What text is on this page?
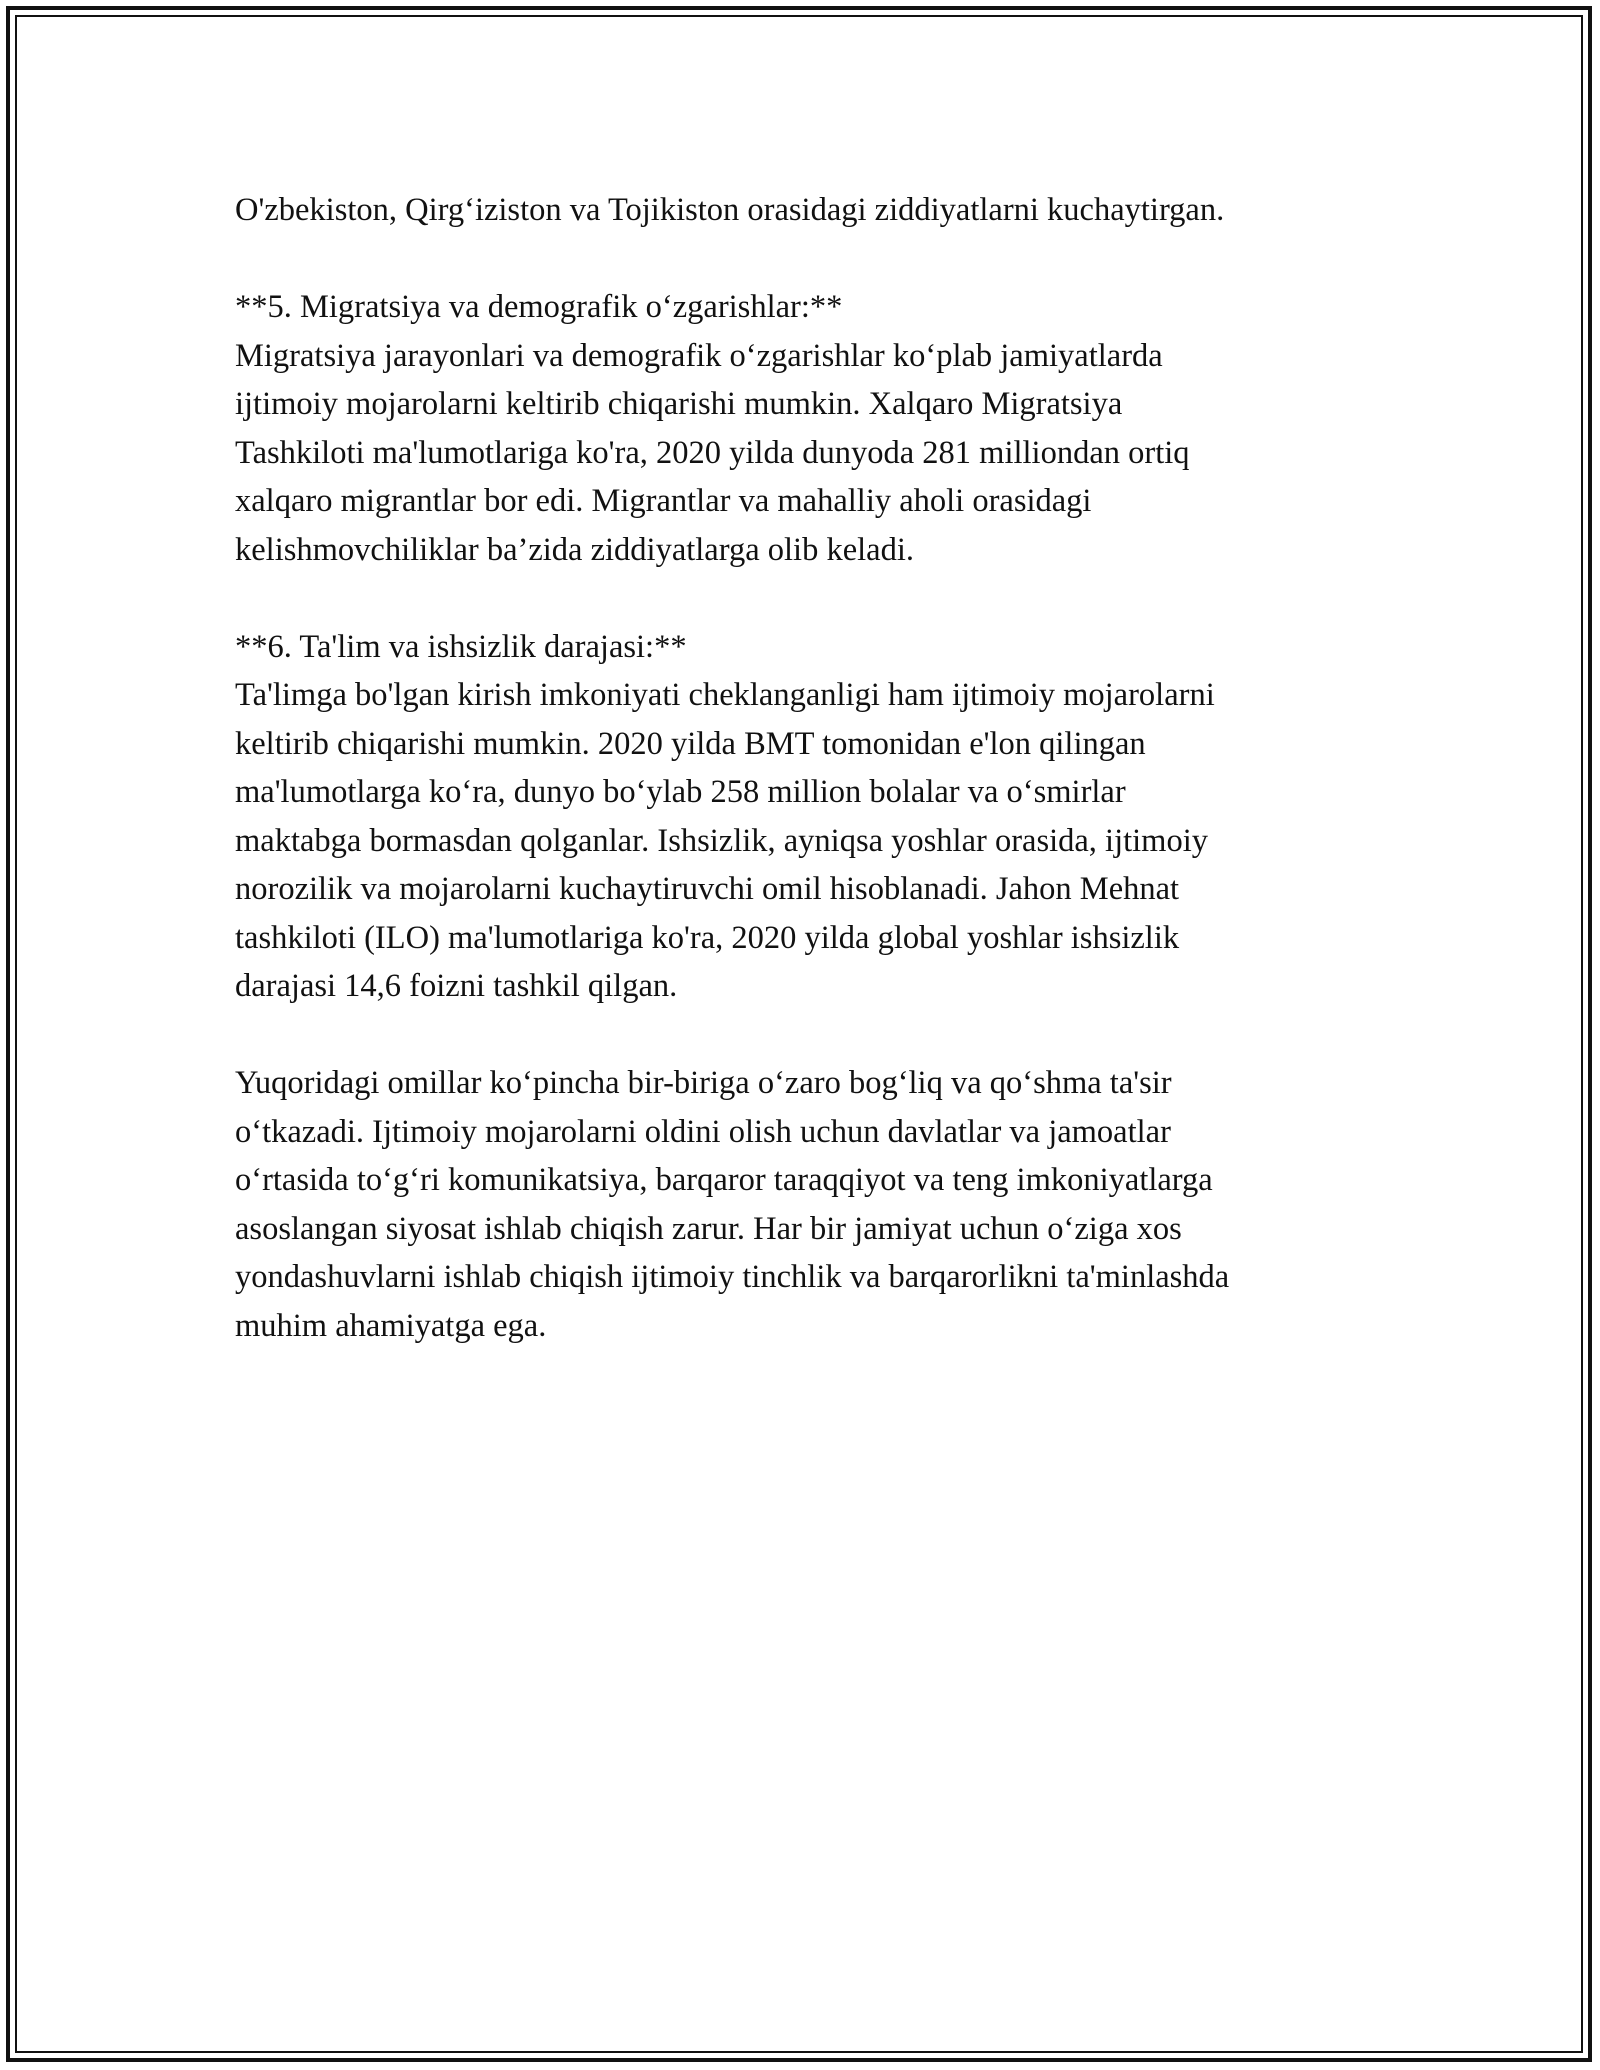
O'zbekiston, Qirg‘iziston va Tojikiston orasidagi ziddiyatlarni kuchaytirgan.
**5. Migratsiya va demografik o‘zgarishlar:**
Migratsiya jarayonlari va demografik o‘zgarishlar ko‘plab jamiyatlarda
ijtimoiy mojarolarni keltirib chiqarishi mumkin. Xalqaro Migratsiya
Tashkiloti ma'lumotlariga ko'ra, 2020 yilda dunyoda 281 milliondan ortiq
xalqaro migrantlar bor edi. Migrantlar va mahalliy aholi orasidagi
kelishmovchiliklar ba’zida ziddiyatlarga olib keladi.
**6. Ta'lim va ishsizlik darajasi:**
Ta'limga bo'lgan kirish imkoniyati cheklanganligi ham ijtimoiy mojarolarni
keltirib chiqarishi mumkin. 2020 yilda BMT tomonidan e'lon qilingan
ma'lumotlarga ko‘ra, dunyo bo‘ylab 258 million bolalar va o‘smirlar
maktabga bormasdan qolganlar. Ishsizlik, ayniqsa yoshlar orasida, ijtimoiy
norozilik va mojarolarni kuchaytiruvchi omil hisoblanadi. Jahon Mehnat
tashkiloti (ILO) ma'lumotlariga ko'ra, 2020 yilda global yoshlar ishsizlik
darajasi 14,6 foizni tashkil qilgan.
Yuqoridagi omillar ko‘pincha bir-biriga o‘zaro bog‘liq va qo‘shma ta'sir
o‘tkazadi. Ijtimoiy mojarolarni oldini olish uchun davlatlar va jamoatlar
o‘rtasida to‘g‘ri komunikatsiya, barqaror taraqqiyot va teng imkoniyatlarga
asoslangan siyosat ishlab chiqish zarur. Har bir jamiyat uchun o‘ziga xos
yondashuvlarni ishlab chiqish ijtimoiy tinchlik va barqarorlikni ta'minlashda
muhim ahamiyatga ega.
